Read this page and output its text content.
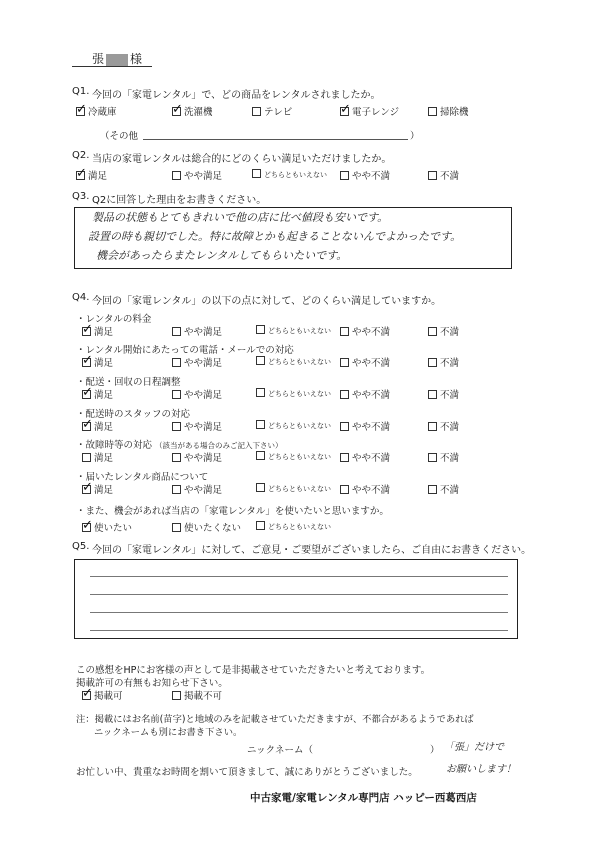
張 様
Q1. 今回の「家電レンタル」で、どの商品をレンタルされましたか。
✓冷蔵庫 ✓	洗濯機	テレビ ✓	電子レンジ	掃除機
（その他	）
Q2. 当店の家電レンタルは総合的にどのくらい満足いただけましたか。
✓満足	やや満足	どちらともいえない	やや不満	不満
Q3. Q2に回答した理由をお書きください。
製品の状態もとてもきれいで他の店に比べ値段も安いです。
設置の時も親切でした。特に故障とかも起きることないんでよかったです。
機会があったらまたレンタルしてもらいたいです。
Q4. 今回の「家電レンタル」の以下の点に対して、どのくらい満足していますか。
・レンタルの料金
✓満足	やや満足	どちらともいえない	やや不満	不満
・レンタル開始にあたっての電話・メールでの対応
✓満足	やや満足	どちらともいえない	やや不満	不満
・配送・回収の日程調整
✓満足	やや満足	どちらともいえない	やや不満	不満
・配送時のスタッフの対応
✓満足	やや満足	どちらともいえない	やや不満	不満
・故障時等の対応 （該当がある場合のみご記入下さい）
満足	やや満足	どちらともいえない	やや不満	不満
・届いたレンタル商品について
✓満足	やや満足	どちらともいえない	やや不満	不満
・また、機会があれば当店の「家電レンタル」を使いたいと思いますか。
✓使いたい	使いたくない	どちらともいえない
Q5. 今回の「家電レンタル」に対して、ご意見・ご要望がございましたら、ご自由にお書きください。
この感想をHPにお客様の声として是非掲載させていただきたいと考えております。
掲載許可の有無もお知らせ下さい。
✓掲載可	掲載不可
注：掲載にはお名前(苗字)と地域のみを記載させていただきますが、不都合があるようであれば
ニックネームも別にお書き下さい。
ニックネーム（	） 「張」だけで
お願いします！
お忙しい中、貴重なお時間を割いて頂きまして、誠にありがとうございました。
中古家電/家電レンタル専門店 ハッピー西葛西店
